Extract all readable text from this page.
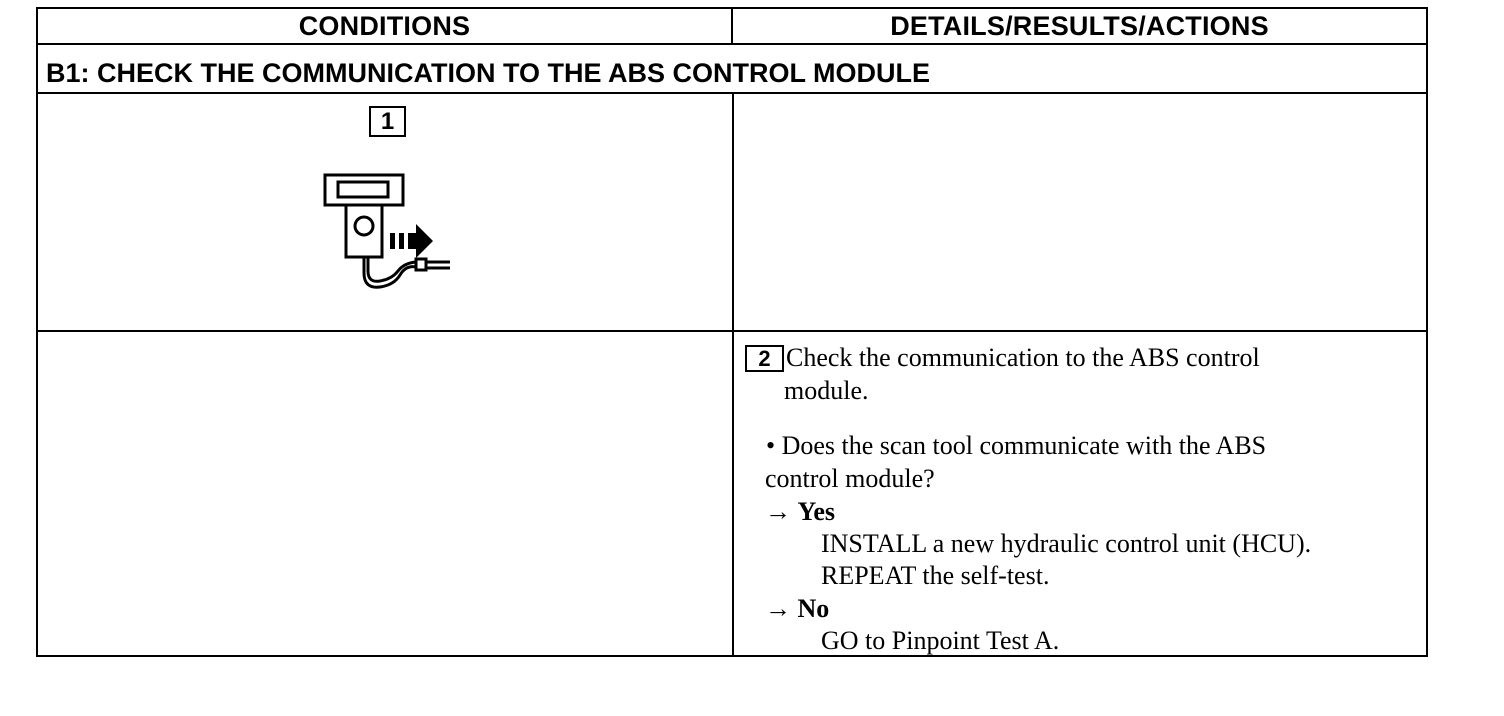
CONDITIONS	DETAILS/RESULTS/ACTIONS
B1: CHECK THE COMMUNICATION TO THE ABS CONTROL MODULE
1
2 Check the communication to the ABS control
module.
• Does the scan tool communicate with the ABS
control module?
→ Yes
INSTALL a new hydraulic control unit (HCU).
REPEAT the self-test.
→ No
GO to Pinpoint Test A.
